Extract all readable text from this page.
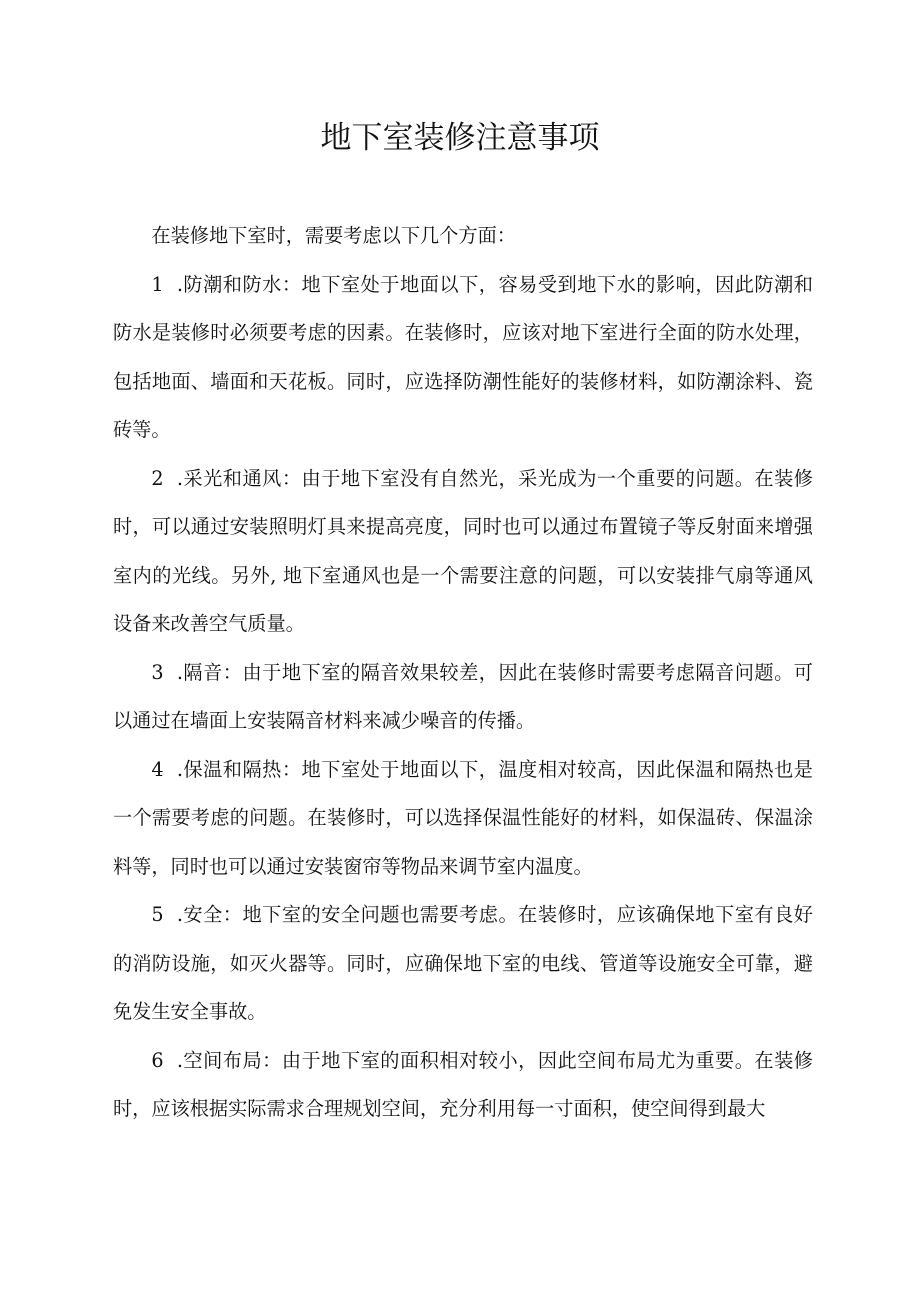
地下室装修注意事项

在装修地下室时，需要考虑以下几个方面：

1 .防潮和防水：地下室处于地面以下，容易受到地下水的影响，因此防潮和防水是装修时必须要考虑的因素。在装修时，应该对地下室进行全面的防水处理，包括地面、墙面和天花板。同时，应选择防潮性能好的装修材料，如防潮涂料、瓷砖等。

2 .采光和通风：由于地下室没有自然光，采光成为一个重要的问题。在装修时，可以通过安装照明灯具来提高亮度，同时也可以通过布置镜子等反射面来增强室内的光线。另外, 地下室通风也是一个需要注意的问题，可以安装排气扇等通风设备来改善空气质量。

3 .隔音：由于地下室的隔音效果较差，因此在装修时需要考虑隔音问题。可以通过在墙面上安装隔音材料来减少噪音的传播。

4 .保温和隔热：地下室处于地面以下，温度相对较高，因此保温和隔热也是一个需要考虑的问题。在装修时，可以选择保温性能好的材料，如保温砖、保温涂料等，同时也可以通过安装窗帘等物品来调节室内温度。

5 .安全：地下室的安全问题也需要考虑。在装修时，应该确保地下室有良好的消防设施，如灭火器等。同时，应确保地下室的电线、管道等设施安全可靠，避免发生安全事故。

6 .空间布局：由于地下室的面积相对较小，因此空间布局尤为重要。在装修时，应该根据实际需求合理规划空间，充分利用每一寸面积，使空间得到最大
